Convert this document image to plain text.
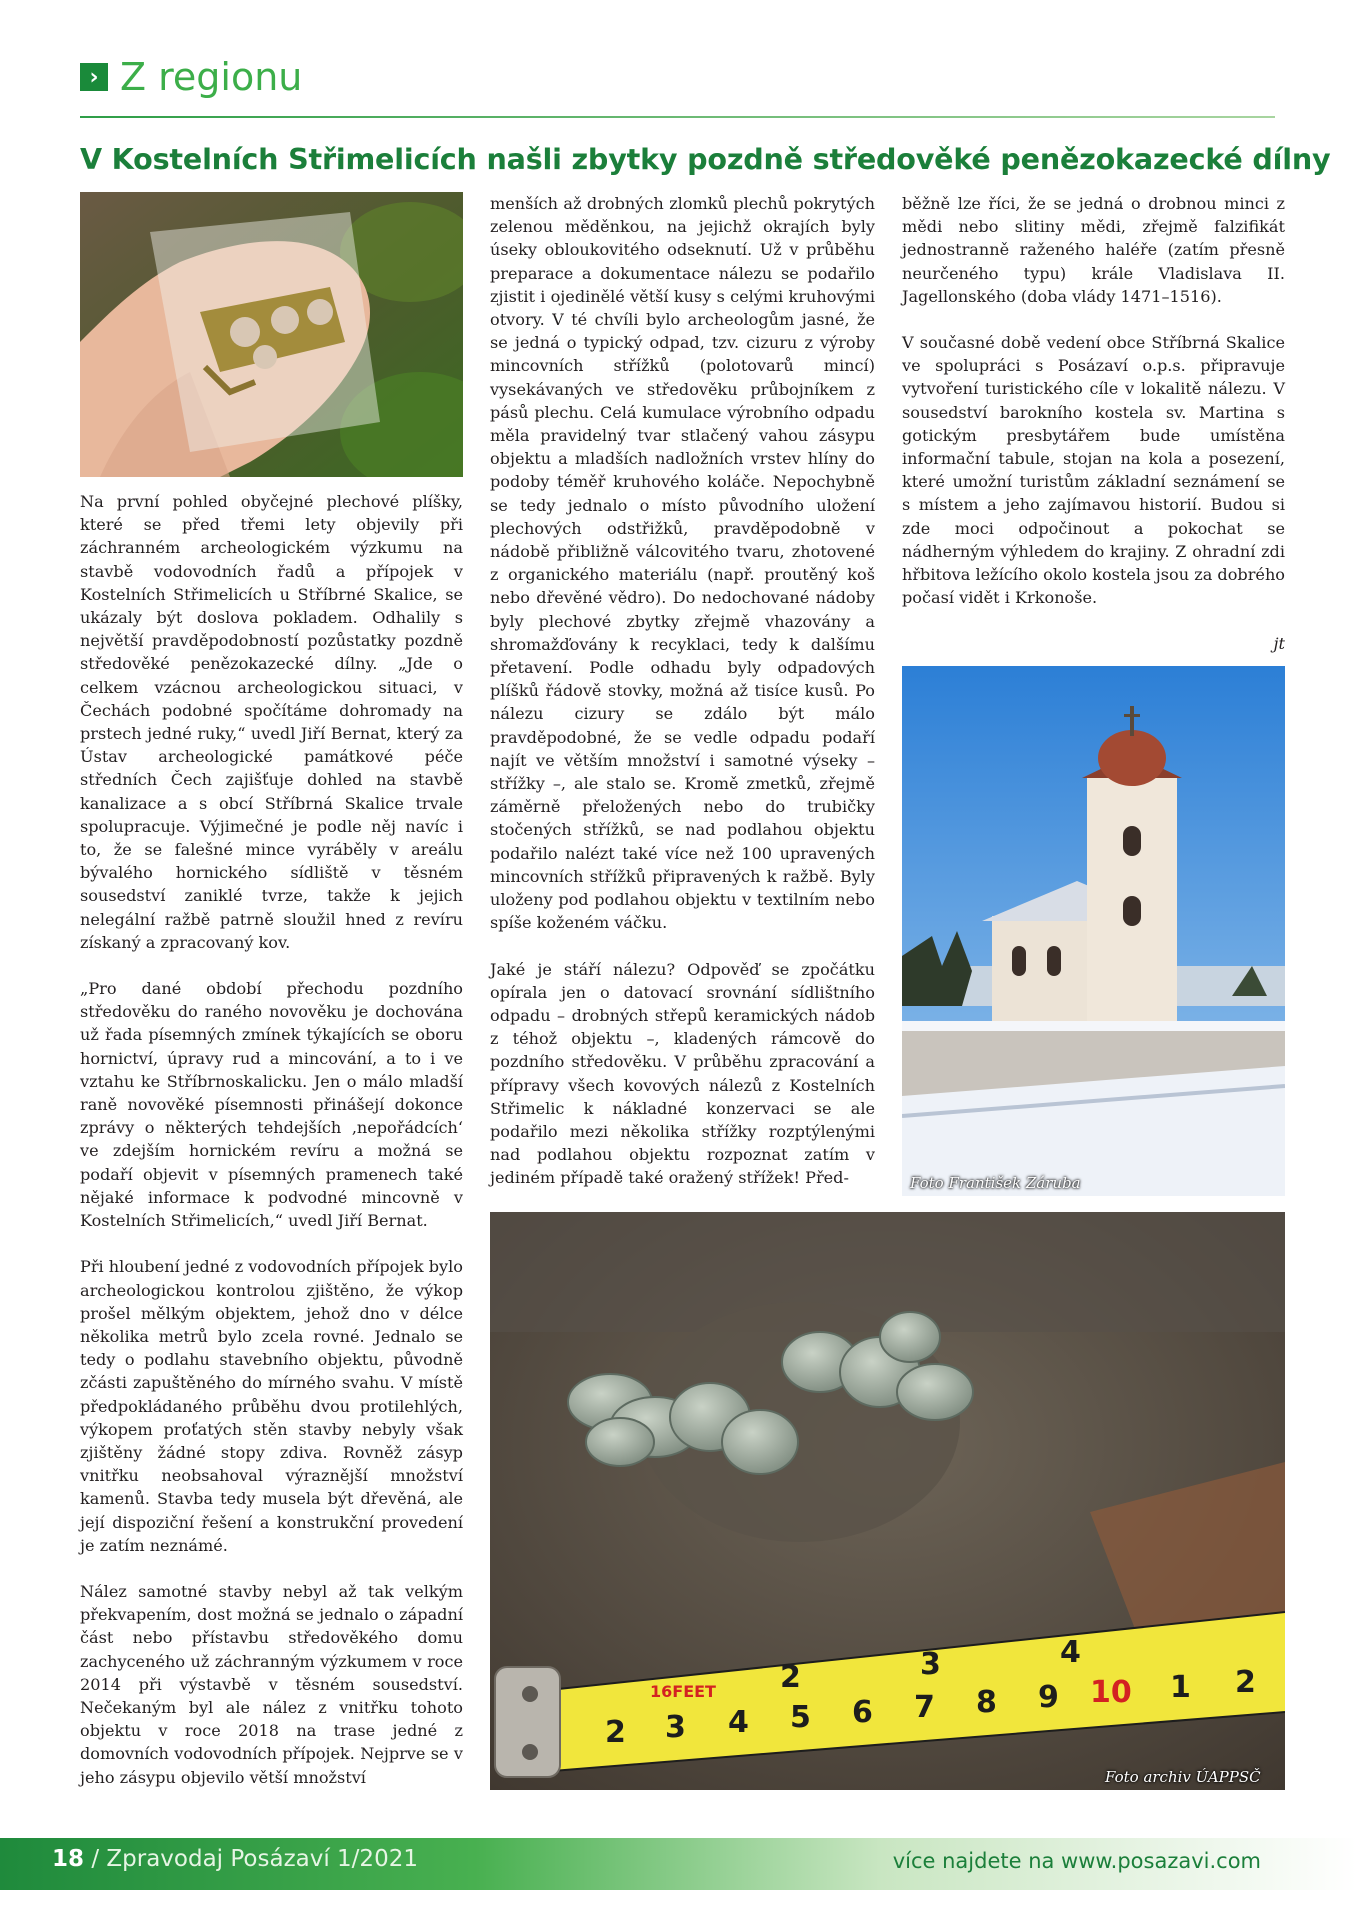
› Z regionu
V Kostelních Střimelicích našli zbytky pozdně středověké penězokazecké dílny

Na první pohled obyčejné plechové plíšky, které se před třemi lety objevily při záchranném archeologickém výzkumu na stavbě vodovodních řadů a přípojek v Kostelních Střimelicích u Stříbrné Skalice, se ukázaly být doslova pokladem. Odhalily s největší pravděpodobností pozůstatky pozdně středověké penězokazecké dílny. „Jde o celkem vzácnou archeologickou situaci, v Čechách podobné spočítáme dohromady na prstech jedné ruky,“ uvedl Jiří Bernat, který za Ústav archeologické památkové péče středních Čech zajišťuje dohled na stavbě kanalizace a s obcí Stříbrná Skalice trvale spolupracuje. Výjimečné je podle něj navíc i to, že se falešné mince vyráběly v areálu bývalého hornického sídliště v těsném sousedství zaniklé tvrze, takže k jejich nelegální ražbě patrně sloužil hned z revíru získaný a zpracovaný kov.

„Pro dané období přechodu pozdního středověku do raného novověku je dochována už řada písemných zmínek týkajících se oboru hornictví, úpravy rud a mincování, a to i ve vztahu ke Stříbrnoskalicku. Jen o málo mladší raně novověké písemnosti přinášejí dokonce zprávy o některých tehdejších ‚nepořádcích‘ ve zdejším hornickém revíru a možná se podaří objevit v písemných pramenech také nějaké informace k podvodné mincovně v Kostelních Střimelicích,“ uvedl Jiří Bernat.

Při hloubení jedné z vodovodních přípojek bylo archeologickou kontrolou zjištěno, že výkop prošel mělkým objektem, jehož dno v délce několika metrů bylo zcela rovné. Jednalo se tedy o podlahu stavebního objektu, původně zčásti zapuštěného do mírného svahu. V místě předpokládaného průběhu dvou protilehlých, výkopem proťatých stěn stavby nebyly však zjištěny žádné stopy zdiva. Rovněž zásyp vnitřku neobsahoval výraznější množství kamenů. Stavba tedy musela být dřevěná, ale její dispoziční řešení a konstrukční provedení je zatím neznámé.

Nález samotné stavby nebyl až tak velkým překvapením, dost možná se jednalo o západní část nebo přístavbu středověkého domu zachyceného už záchranným výzkumem v roce 2014 při výstavbě v těsném sousedství. Nečekaným byl ale nález z vnitřku tohoto objektu v roce 2018 na trase jedné z domovních vodovodních přípojek. Nejprve se v jeho zásypu objevilo větší množství

menších až drobných zlomků plechů pokrytých zelenou měděnkou, na jejichž okrajích byly úseky obloukovitého odseknutí. Už v průběhu preparace a dokumentace nálezu se podařilo zjistit i ojedinělé větší kusy s celými kruhovými otvory. V té chvíli bylo archeologům jasné, že se jedná o typický odpad, tzv. cizuru z výroby mincovních střížků (polotovarů mincí) vysekávaných ve středověku průbojníkem z pásů plechu. Celá kumulace výrobního odpadu měla pravidelný tvar stlačený vahou zásypu objektu a mladších nadložních vrstev hlíny do podoby téměř kruhového koláče. Nepochybně se tedy jednalo o místo původního uložení plechových odstřižků, pravděpodobně v nádobě přibližně válcovitého tvaru, zhotovené z organického materiálu (např. proutěný koš nebo dřevěné vědro). Do nedochované nádoby byly plechové zbytky zřejmě vhazovány a shromažďovány k recyklaci, tedy k dalšímu přetavení. Podle odhadu byly odpadových plíšků řádově stovky, možná až tisíce kusů. Po nálezu cizury se zdálo být málo pravděpodobné, že se vedle odpadu podaří najít ve větším množství i samotné výseky – střížky –, ale stalo se. Kromě zmetků, zřejmě záměrně přeložených nebo do trubičky stočených střížků, se nad podlahou objektu podařilo nalézt také více než 100 upravených mincovních střížků připravených k ražbě. Byly uloženy pod podlahou objektu v textilním nebo spíše koženém váčku.

Jaké je stáří nálezu? Odpověď se zpočátku opírala jen o datovací srovnání sídlištního odpadu – drobných střepů keramických nádob z téhož objektu –, kladených rámcově do pozdního středověku. V průběhu zpracování a přípravy všech kovových nálezů z Kostelních Střimelic k nákladné konzervaci se ale podařilo mezi několika střížky rozptýlenými nad podlahou objektu rozpoznat zatím v jediném případě také oražený střížek! Před-

běžně lze říci, že se jedná o drobnou minci z mědi nebo slitiny mědi, zřejmě falzifikát jednostranně raženého haléře (zatím přesně neurčeného typu) krále Vladislava II. Jagellonského (doba vlády 1471–1516).

V současné době vedení obce Stříbrná Skalice ve spolupráci s Posázaví o.p.s. připravuje vytvoření turistického cíle v lokalitě nálezu. V sousedství barokního kostela sv. Martina s gotickým presbytářem bude umístěna informační tabule, stojan na kola a posezení, které umožní turistům základní seznámení se s místem a jeho zajímavou historií. Budou si zde moci odpočinout a pokochat se nádherným výhledem do krajiny. Z ohradní zdi hřbitova ležícího okolo kostela jsou za dobrého počasí vidět i Krkonoše.

jt

Foto František Záruba
16FEET 2	3	4
2 3 4 5 6 7 8 9 10 1 2
Foto archiv ÚAPPSČ
18 / Zpravodaj Posázaví 1/2021	více najdete na www.posazavi.com
